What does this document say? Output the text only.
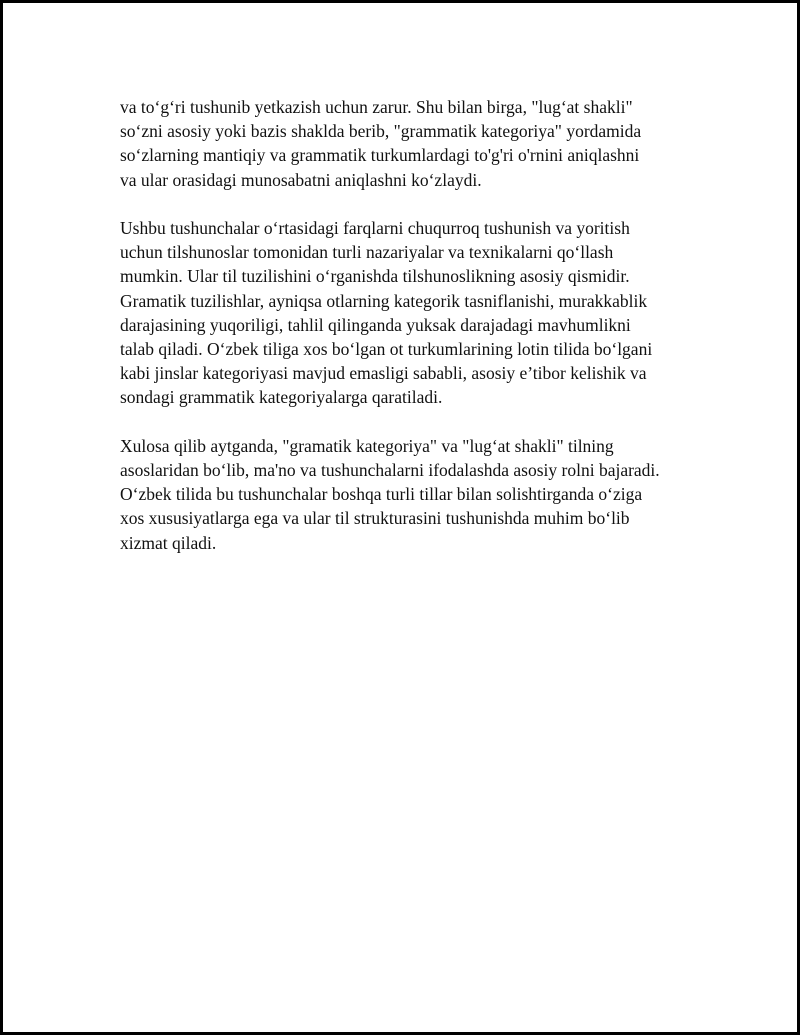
va to‘g‘ri tushunib yetkazish uchun zarur. Shu bilan birga, "lug‘at shakli"
so‘zni asosiy yoki bazis shaklda berib, "grammatik kategoriya" yordamida
so‘zlarning mantiqiy va grammatik turkumlardagi to'g'ri o'rnini aniqlashni
va ular orasidagi munosabatni aniqlashni ko‘zlaydi.

Ushbu tushunchalar o‘rtasidagi farqlarni chuqurroq tushunish va yoritish
uchun tilshunoslar tomonidan turli nazariyalar va texnikalarni qo‘llash
mumkin. Ular til tuzilishini o‘rganishda tilshunoslikning asosiy qismidir.
Gramatik tuzilishlar, ayniqsa otlarning kategorik tasniflanishi, murakkablik
darajasining yuqoriligi, tahlil qilinganda yuksak darajadagi mavhumlikni
talab qiladi. O‘zbek tiliga xos bo‘lgan ot turkumlarining lotin tilida bo‘lgani
kabi jinslar kategoriyasi mavjud emasligi sababli, asosiy e’tibor kelishik va
sondagi grammatik kategoriyalarga qaratiladi.

Xulosa qilib aytganda, "gramatik kategoriya" va "lug‘at shakli" tilning
asoslaridan bo‘lib, ma'no va tushunchalarni ifodalashda asosiy rolni bajaradi.
O‘zbek tilida bu tushunchalar boshqa turli tillar bilan solishtirganda o‘ziga
xos xususiyatlarga ega va ular til strukturasini tushunishda muhim bo‘lib
xizmat qiladi.
